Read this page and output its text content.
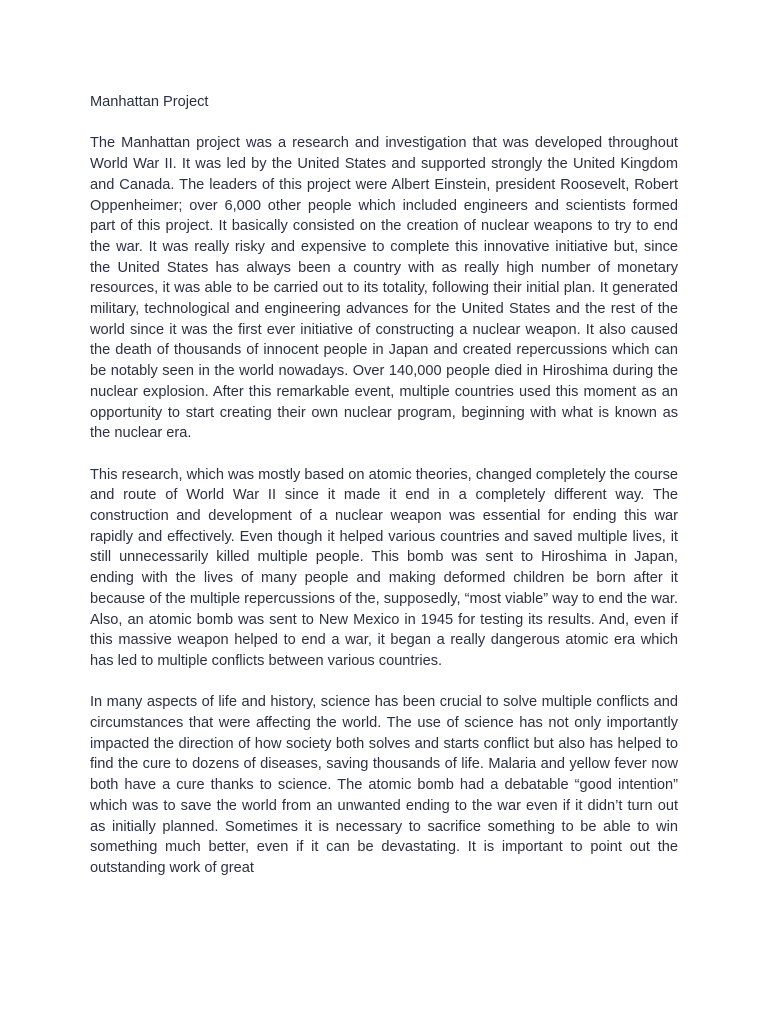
Manhattan Project

The Manhattan project was a research and investigation that was developed throughout World War II. It was led by the United States and supported strongly the United Kingdom and Canada. The leaders of this project were Albert Einstein, president Roosevelt, Robert Oppenheimer; over 6,000 other people which included engineers and scientists formed part of this project. It basically consisted on the creation of nuclear weapons to try to end the war. It was really risky and expensive to complete this innovative initiative but, since the United States has always been a country with as really high number of monetary resources, it was able to be carried out to its totality, following their initial plan. It generated military, technological and engineering advances for the United States and the rest of the world since it was the first ever initiative of constructing a nuclear weapon. It also caused the death of thousands of innocent people in Japan and created repercussions which can be notably seen in the world nowadays. Over 140,000 people died in Hiroshima during the nuclear explosion. After this remarkable event, multiple countries used this moment as an opportunity to start creating their own nuclear program, beginning with what is known as the nuclear era.

This research, which was mostly based on atomic theories, changed completely the course and route of World War II since it made it end in a completely different way. The construction and development of a nuclear weapon was essential for ending this war rapidly and effectively. Even though it helped various countries and saved multiple lives, it still unnecessarily killed multiple people. This bomb was sent to Hiroshima in Japan, ending with the lives of many people and making deformed children be born after it because of the multiple repercussions of the, supposedly, “most viable” way to end the war. Also, an atomic bomb was sent to New Mexico in 1945 for testing its results. And, even if this massive weapon helped to end a war, it began a really dangerous atomic era which has led to multiple conflicts between various countries.

In many aspects of life and history, science has been crucial to solve multiple conflicts and circumstances that were affecting the world. The use of science has not only importantly impacted the direction of how society both solves and starts conflict but also has helped to find the cure to dozens of diseases, saving thousands of life. Malaria and yellow fever now both have a cure thanks to science. The atomic bomb had a debatable “good intention” which was to save the world from an unwanted ending to the war even if it didn’t turn out as initially planned. Sometimes it is necessary to sacrifice something to be able to win something much better, even if it can be devastating. It is important to point out the outstanding work of great
